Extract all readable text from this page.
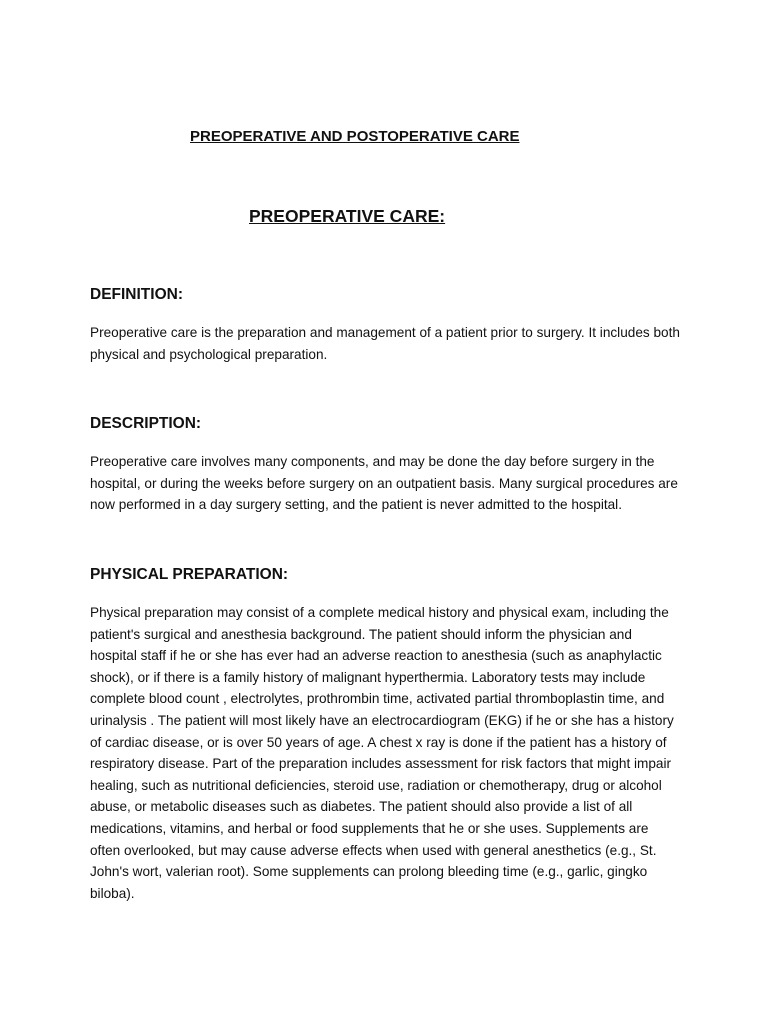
PREOPERATIVE AND POSTOPERATIVE CARE
PREOPERATIVE CARE:
DEFINITION:

Preoperative care is the preparation and management of a patient prior to surgery. It includes both physical and psychological preparation.

DESCRIPTION:

Preoperative care involves many components, and may be done the day before surgery in the hospital, or during the weeks before surgery on an outpatient basis. Many surgical procedures are now performed in a day surgery setting, and the patient is never admitted to the hospital.

PHYSICAL PREPARATION:

Physical preparation may consist of a complete medical history and physical exam, including the patient's surgical and anesthesia background. The patient should inform the physician and hospital staff if he or she has ever had an adverse reaction to anesthesia (such as anaphylactic shock), or if there is a family history of malignant hyperthermia. Laboratory tests may include complete blood count , electrolytes, prothrombin time, activated partial thromboplastin time, and urinalysis . The patient will most likely have an electrocardiogram (EKG) if he or she has a history of cardiac disease, or is over 50 years of age. A chest x ray is done if the patient has a history of respiratory disease. Part of the preparation includes assessment for risk factors that might impair healing, such as nutritional deficiencies, steroid use, radiation or chemotherapy, drug or alcohol abuse, or metabolic diseases such as diabetes. The patient should also provide a list of all medications, vitamins, and herbal or food supplements that he or she uses. Supplements are often overlooked, but may cause adverse effects when used with general anesthetics (e.g., St. John's wort, valerian root). Some supplements can prolong bleeding time (e.g., garlic, gingko biloba).
